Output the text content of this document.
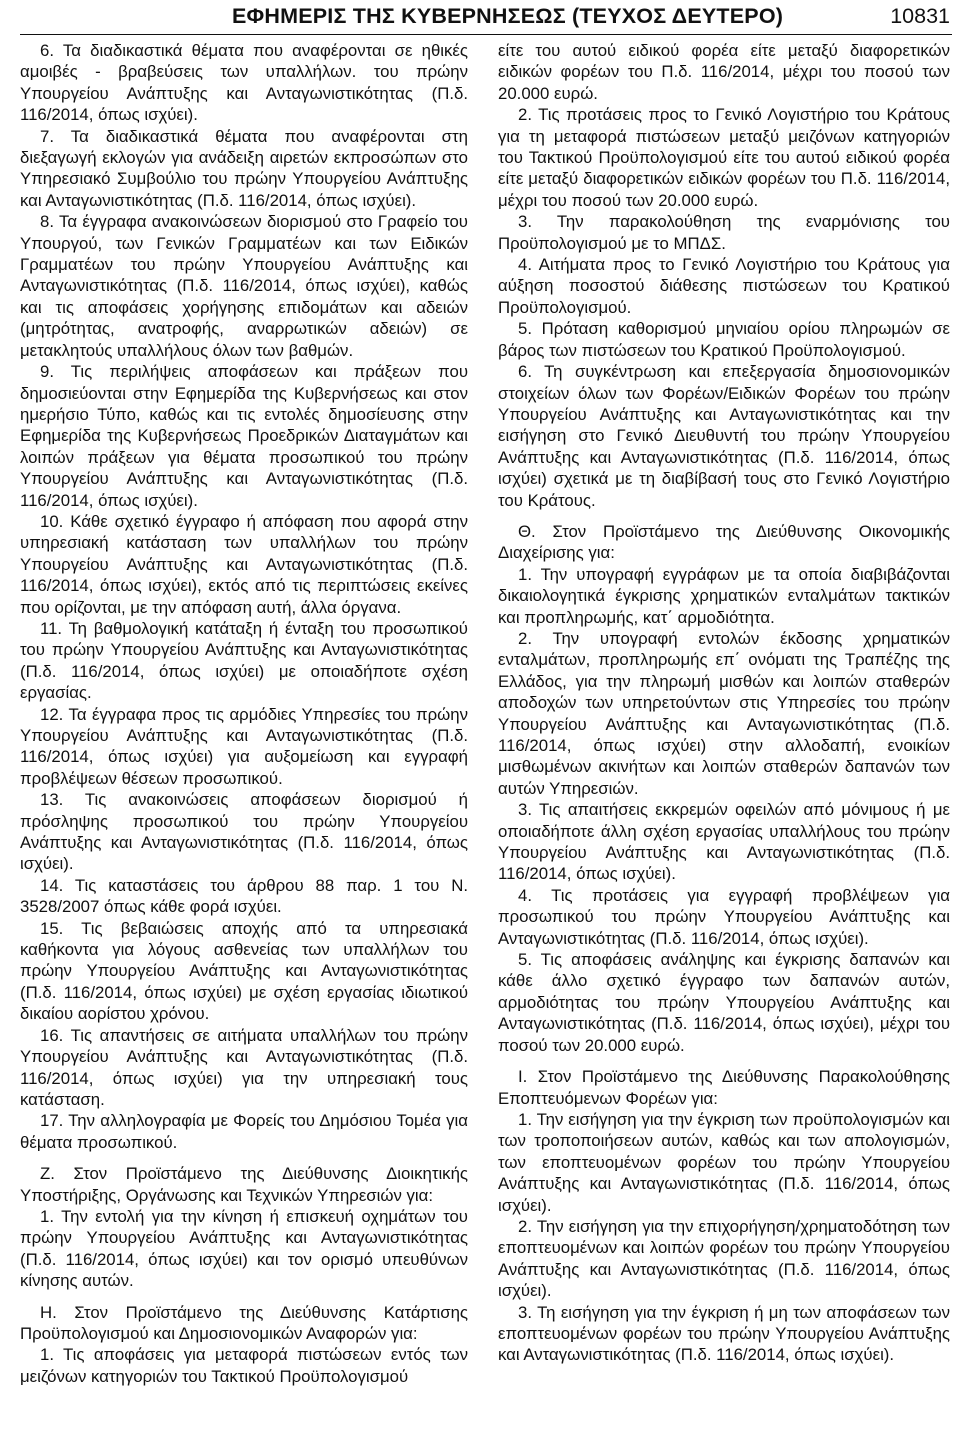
ΕΦΗΜΕΡΙΣ ΤΗΣ ΚΥΒΕΡΝΗΣΕΩΣ (ΤΕΥΧΟΣ ΔΕΥΤΕΡΟ)	10831

6. Τα διαδικαστικά θέματα που αναφέρονται σε ηθικές αμοιβές - βραβεύσεις των υπαλλήλων. του πρώην Υπουργείου Ανάπτυξης και Ανταγωνιστικότητας (Π.δ. 116/2014, όπως ισχύει).

7. Τα διαδικαστικά θέματα που αναφέρονται στη διεξαγωγή εκλογών για ανάδειξη αιρετών εκπροσώπων στο Υπηρεσιακό Συμβούλιο του πρώην Υπουργείου Ανάπτυξης και Ανταγωνιστικότητας (Π.δ. 116/2014, όπως ισχύει).

8. Τα έγγραφα ανακοινώσεων διορισμού στο Γραφείο του Υπουργού, των Γενικών Γραμματέων και των Ειδικών Γραμματέων του πρώην Υπουργείου Ανάπτυξης και Ανταγωνιστικότητας (Π.δ. 116/2014, όπως ισχύει), καθώς και τις αποφάσεις χορήγησης επιδομάτων και αδειών (μητρότητας, ανατροφής, αναρρωτικών αδειών) σε μετακλητούς υπαλλήλους όλων των βαθμών.

9. Τις περιλήψεις αποφάσεων και πράξεων που δημοσιεύονται στην Εφημερίδα της Κυβερνήσεως και στον ημερήσιο Τύπο, καθώς και τις εντολές δημοσίευσης στην Εφημερίδα της Κυβερνήσεως Προεδρικών Διαταγμάτων και λοιπών πράξεων για θέματα προσωπικού του πρώην Υπουργείου Ανάπτυξης και Ανταγωνιστικότητας (Π.δ. 116/2014, όπως ισχύει).

10. Κάθε σχετικό έγγραφο ή απόφαση που αφορά στην υπηρεσιακή κατάσταση των υπαλλήλων του πρώην Υπουργείου Ανάπτυξης και Ανταγωνιστικότητας (Π.δ. 116/2014, όπως ισχύει), εκτός από τις περιπτώσεις εκείνες που ορίζονται, με την απόφαση αυτή, άλλα όργανα.

11. Τη βαθμολογική κατάταξη ή ένταξη του προσωπικού του πρώην Υπουργείου Ανάπτυξης και Ανταγωνιστικότητας (Π.δ. 116/2014, όπως ισχύει) με οποιαδήποτε σχέση εργασίας.

12. Τα έγγραφα προς τις αρμόδιες Υπηρεσίες του πρώην Υπουργείου Ανάπτυξης και Ανταγωνιστικότητας (Π.δ. 116/2014, όπως ισχύει) για αυξομείωση και εγγραφή προβλέψεων θέσεων προσωπικού.

13. Τις ανακοινώσεις αποφάσεων διορισμού ή πρόσληψης προσωπικού του πρώην Υπουργείου Ανάπτυξης και Ανταγωνιστικότητας (Π.δ. 116/2014, όπως ισχύει).

14. Τις καταστάσεις του άρθρου 88 παρ. 1 του Ν. 3528/2007 όπως κάθε φορά ισχύει.

15. Τις βεβαιώσεις αποχής από τα υπηρεσιακά καθήκοντα για λόγους ασθενείας των υπαλλήλων του πρώην Υπουργείου Ανάπτυξης και Ανταγωνιστικότητας (Π.δ. 116/2014, όπως ισχύει) με σχέση εργασίας ιδιωτικού δικαίου αορίστου χρόνου.

16. Τις απαντήσεις σε αιτήματα υπαλλήλων του πρώην Υπουργείου Ανάπτυξης και Ανταγωνιστικότητας (Π.δ. 116/2014, όπως ισχύει) για την υπηρεσιακή τους κατάσταση.

17. Την αλληλογραφία με Φορείς του Δημόσιου Τομέα για θέματα προσωπικού.

Ζ. Στον Προϊστάμενο της Διεύθυνσης Διοικητικής Υποστήριξης, Οργάνωσης και Τεχνικών Υπηρεσιών για:

1. Την εντολή για την κίνηση ή επισκευή οχημάτων του πρώην Υπουργείου Ανάπτυξης και Ανταγωνιστικότητας (Π.δ. 116/2014, όπως ισχύει) και τον ορισμό υπευθύνων κίνησης αυτών.

Η. Στον Προϊστάμενο της Διεύθυνσης Κατάρτισης Προϋπολογισμού και Δημοσιονομικών Αναφορών για:

1. Τις αποφάσεις για μεταφορά πιστώσεων εντός των μειζόνων κατηγοριών του Τακτικού Προϋπολογισμού

είτε του αυτού ειδικού φορέα είτε μεταξύ διαφορετικών ειδικών φορέων του Π.δ. 116/2014, μέχρι του ποσού των 20.000 ευρώ.

2. Τις προτάσεις προς το Γενικό Λογιστήριο του Κράτους για τη μεταφορά πιστώσεων μεταξύ μειζόνων κατηγοριών του Τακτικού Προϋπολογισμού είτε του αυτού ειδικού φορέα είτε μεταξύ διαφορετικών ειδικών φορέων του Π.δ. 116/2014, μέχρι του ποσού των 20.000 ευρώ.

3. Την παρακολούθηση της εναρμόνισης του Προϋπολογισμού με το ΜΠΔΣ.

4. Αιτήματα προς το Γενικό Λογιστήριο του Κράτους για αύξηση ποσοστού διάθεσης πιστώσεων του Κρατικού Προϋπολογισμού.

5. Πρόταση καθορισμού μηνιαίου ορίου πληρωμών σε βάρος των πιστώσεων του Κρατικού Προϋπολογισμού.

6. Τη συγκέντρωση και επεξεργασία δημοσιονομικών στοιχείων όλων των Φορέων/Ειδικών Φορέων του πρώην Υπουργείου Ανάπτυξης και Ανταγωνιστικότητας και την εισήγηση στο Γενικό Διευθυντή του πρώην Υπουργείου Ανάπτυξης και Ανταγωνιστικότητας (Π.δ. 116/2014, όπως ισχύει) σχετικά με τη διαβίβασή τους στο Γενικό Λογιστήριο του Κράτους.

Θ. Στον Προϊστάμενο της Διεύθυνσης Οικονομικής Διαχείρισης για:

1. Την υπογραφή εγγράφων με τα οποία διαβιβάζονται δικαιολογητικά έγκρισης χρηματικών ενταλμάτων τακτικών και προπληρωμής, κατ΄ αρμοδιότητα.

2. Την υπογραφή εντολών έκδοσης χρηματικών ενταλμάτων, προπληρωμής επ΄ ονόματι της Τραπέζης της Ελλάδος, για την πληρωμή μισθών και λοιπών σταθερών αποδοχών των υπηρετούντων στις Υπηρεσίες του πρώην Υπουργείου Ανάπτυξης και Ανταγωνιστικότητας (Π.δ. 116/2014, όπως ισχύει) στην αλλοδαπή, ενοικίων μισθωμένων ακινήτων και λοιπών σταθερών δαπανών των αυτών Υπηρεσιών.

3. Τις απαιτήσεις εκκρεμών οφειλών από μόνιμους ή με οποιαδήποτε άλλη σχέση εργασίας υπαλλήλους του πρώην Υπουργείου Ανάπτυξης και Ανταγωνιστικότητας (Π.δ. 116/2014, όπως ισχύει).

4. Τις προτάσεις για εγγραφή προβλέψεων για προσωπικού του πρώην Υπουργείου Ανάπτυξης και Ανταγωνιστικότητας (Π.δ. 116/2014, όπως ισχύει).

5. Τις αποφάσεις ανάληψης και έγκρισης δαπανών και κάθε άλλο σχετικό έγγραφο των δαπανών αυτών, αρμοδιότητας του πρώην Υπουργείου Ανάπτυξης και Ανταγωνιστικότητας (Π.δ. 116/2014, όπως ισχύει), μέχρι του ποσού των 20.000 ευρώ.

Ι. Στον Προϊστάμενο της Διεύθυνσης Παρακολούθησης Εποπτευόμενων Φορέων για:

1. Την εισήγηση για την έγκριση των προϋπολογισμών και των τροποποιήσεων αυτών, καθώς και των απολογισμών, των εποπτευομένων φορέων του πρώην Υπουργείου Ανάπτυξης και Ανταγωνιστικότητας (Π.δ. 116/2014, όπως ισχύει).

2. Την εισήγηση για την επιχορήγηση/χρηματοδότηση των εποπτευομένων και λοιπών φορέων του πρώην Υπουργείου Ανάπτυξης και Ανταγωνιστικότητας (Π.δ. 116/2014, όπως ισχύει).

3. Τη εισήγηση για την έγκριση ή μη των αποφάσεων των εποπτευομένων φορέων του πρώην Υπουργείου Ανάπτυξης και Ανταγωνιστικότητας (Π.δ. 116/2014, όπως ισχύει).
